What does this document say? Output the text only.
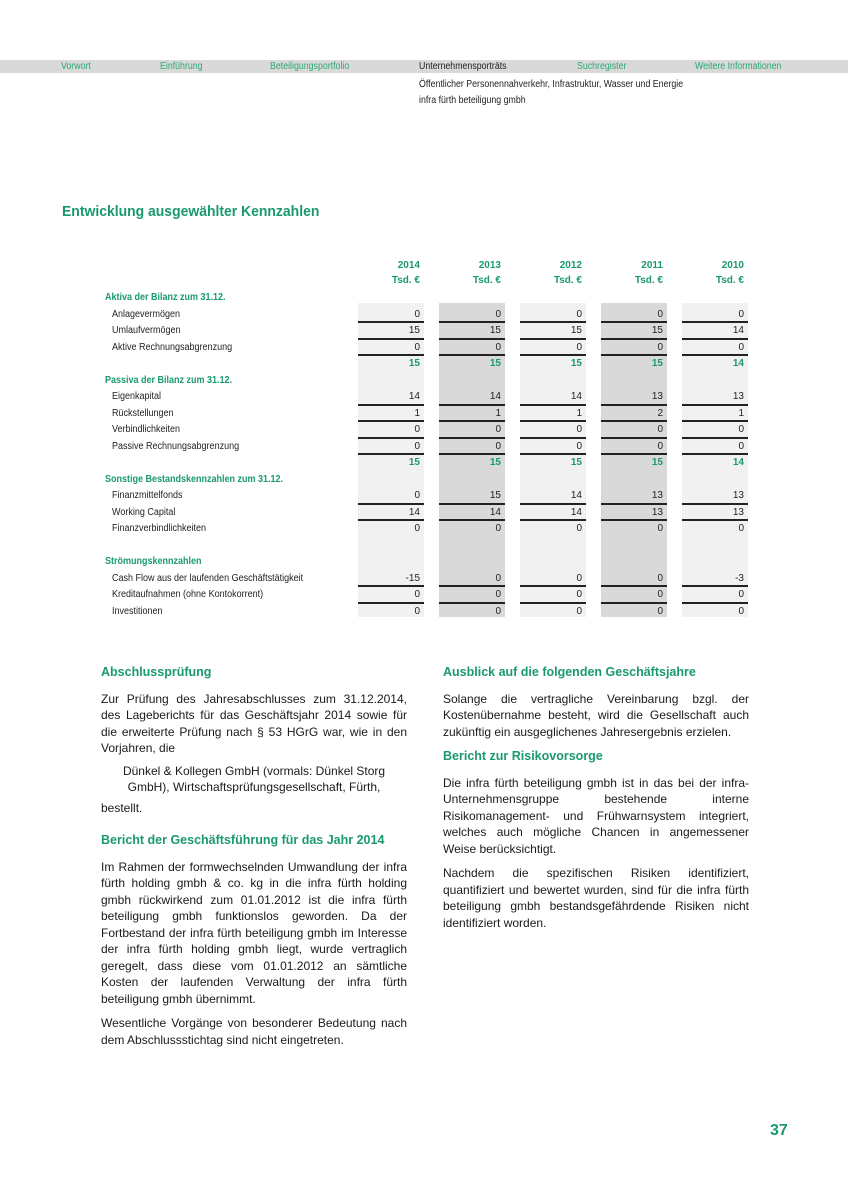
Vorwort	Einführung	Beteiligungsportfolio	Unternehmensporträts	Suchregister	Weitere Informationen
Öffentlicher Personennahverkehr, Infrastruktur, Wasser und Energie
infra fürth beteiligung gmbh
Entwicklung ausgewählter Kennzahlen
2014	2013	2012	2011	2010
Tsd. €	Tsd. €	Tsd. €	Tsd. €	Tsd. €
Aktiva der Bilanz zum 31.12.
Anlagevermögen	0	0	0	0	0
Umlaufvermögen	15	15	15	15	14
Aktive Rechnungsabgrenzung	0	0	0	0	0
15	15	15	15	14
Passiva der Bilanz zum 31.12.
Eigenkapital	14	14	14	13	13
Rückstellungen	1	1	1	2	1
Verbindlichkeiten	0	0	0	0	0
Passive Rechnungsabgrenzung	0	0	0	0	0
15	15	15	15	14
Sonstige Bestandskennzahlen zum 31.12.
Finanzmittelfonds	0	15	14	13	13
Working Capital	14	14	14	13	13
Finanzverbindlichkeiten	0	0	0	0	0
Strömungskennzahlen
Cash Flow aus der laufenden Geschäftstätigkeit	-15	0	0	0	-3
Kreditaufnahmen (ohne Kontokorrent)	0	0	0	0	0
Investitionen	0	0	0	0	0
Abschlussprüfung

Zur Prüfung des Jahresabschlusses zum 31.12.2014, des Lageberichts für das Geschäftsjahr 2014 sowie für die erweiterte Prüfung nach § 53 HGrG war, wie in den Vorjahren, die

Dünkel & Kollegen GmbH (vormals: Dünkel Storg GmbH), Wirtschaftsprüfungsgesellschaft, Fürth,

bestellt.

Bericht der Geschäftsführung für das Jahr 2014

Im Rahmen der formwechselnden Umwandlung der infra fürth holding gmbh & co. kg in die infra fürth holding gmbh rückwirkend zum 01.01.2012 ist die infra fürth beteiligung gmbh funktionslos geworden. Da der Fortbestand der infra fürth beteiligung gmbh im Interesse der infra fürth holding gmbh liegt, wurde vertraglich geregelt, dass diese vom 01.01.2012 an sämtliche Kosten der laufenden Verwaltung der infra fürth beteiligung gmbh übernimmt.

Wesentliche Vorgänge von besonderer Bedeutung nach dem Abschlussstichtag sind nicht eingetreten.

Ausblick auf die folgenden Geschäftsjahre

Solange die vertragliche Vereinbarung bzgl. der Kostenübernahme besteht, wird die Gesellschaft auch zukünftig ein ausgeglichenes Jahresergebnis erzielen.

Bericht zur Risikovorsorge

Die infra fürth beteiligung gmbh ist in das bei der infra-Unternehmensgruppe bestehende interne Risikomanagement- und Frühwarnsystem integriert, welches auch mögliche Chancen in angemessener Weise berücksichtigt.

Nachdem die spezifischen Risiken identifiziert, quantifiziert und bewertet wurden, sind für die infra fürth beteiligung gmbh bestandsgefährdende Risiken nicht identifiziert worden.

37
